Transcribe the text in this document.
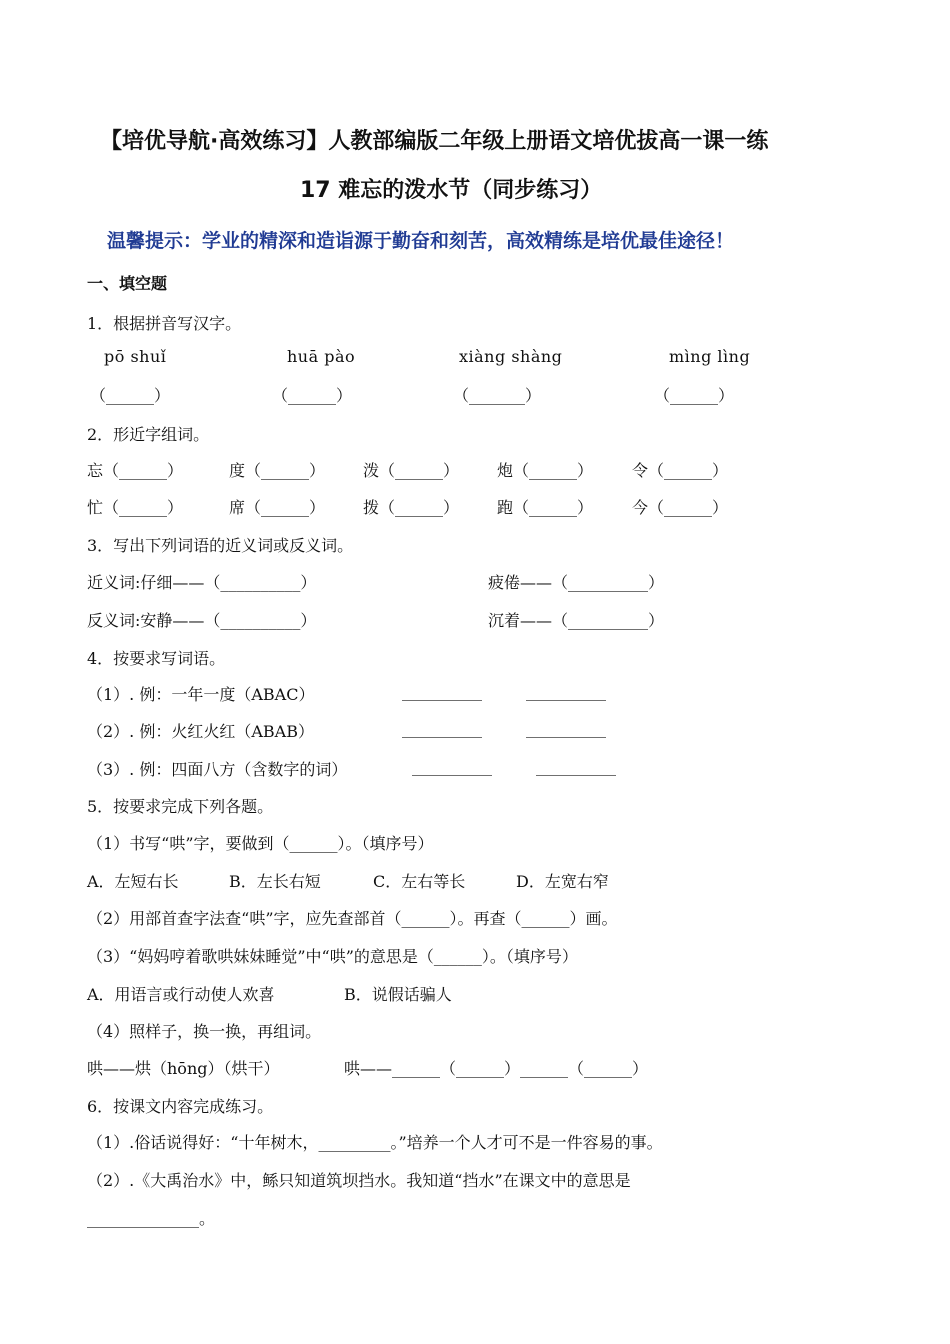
【培优导航·高效练习】人教部编版二年级上册语文培优拔高一课一练
17 难忘的泼水节（同步练习）
温馨提示：学业的精深和造诣源于勤奋和刻苦，高效精练是培优最佳途径！
一、填空题
1．根据拼音写汉字。
pō shuǐ	huā pào	xiàng shàng	mìng lìng
（______）	（______）	（_______）	（______）
2．形近字组词。
忘（______）	度（______） 泼（______） 炮（______） 令（______）
忙（______）	席（______） 拨（______） 跑（______） 今（______）
3．写出下列词语的近义词或反义词。
近义词:仔细——（__________）	疲倦——（__________）
反义词:安静——（__________）	沉着——（__________）
4．按要求写词语。
（1）. 例：一年一度（ABAC）	__________	__________
（2）. 例：火红火红（ABAB）	__________	__________
（3）. 例：四面八方（含数字的词）	__________	__________
5．按要求完成下列各题。
（1）书写“哄”字，要做到（______）。（填序号）
A．左短右长	B．左长右短	C．左右等长	D．左宽右窄
（2）用部首查字法查“哄”字，应先查部首（______）。再查（______）画。
（3）“妈妈哼着歌哄妹妹睡觉”中“哄”的意思是（______）。（填序号）
A．用语言或行动使人欢喜	B．说假话骗人
（4）照样子，换一换，再组词。
哄——烘（hōng）（烘干）	哄——______（______）______（______）
6．按课文内容完成练习。
（1）.俗话说得好：“十年树木，_________。”培养一个人才可不是一件容易的事。
（2）.《大禹治水》中，鲧只知道筑坝挡水。我知道“挡水”在课文中的意思是
______________。
